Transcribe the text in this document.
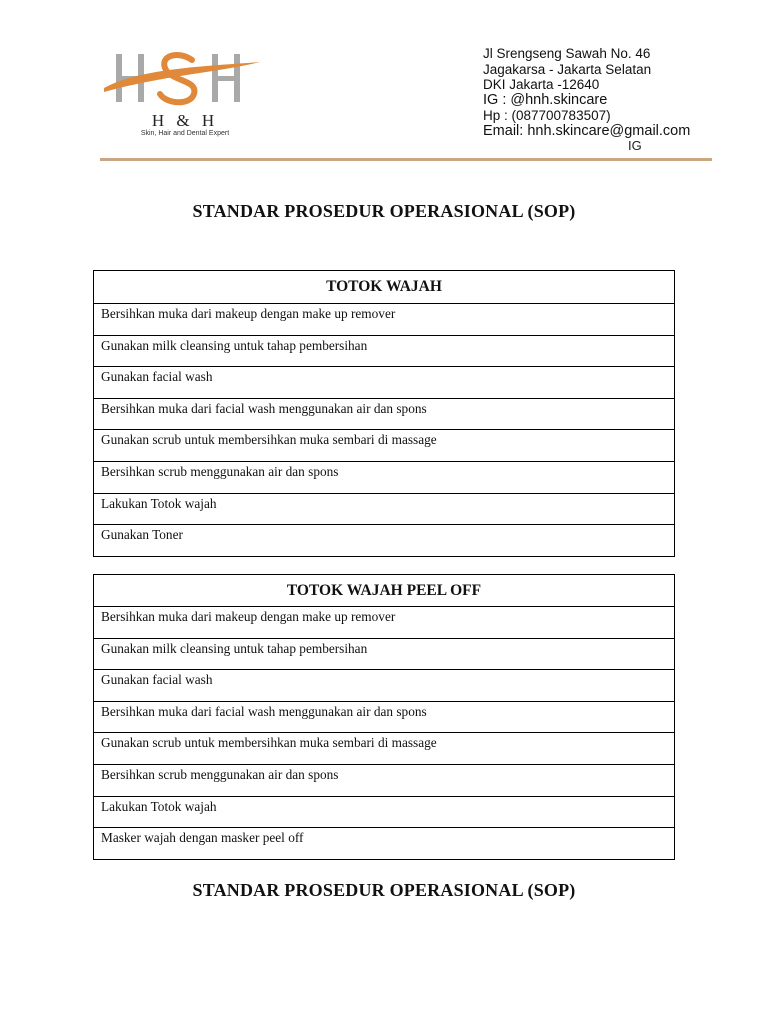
H & H
Skin, Hair and Dental Expert
Jl Srengseng Sawah No. 46
Jagakarsa - Jakarta Selatan
DKI Jakarta -12640
IG : @hnh.skincare
Hp : (087700783507)
Email: hnh.skincare@gmail.com
IG
STANDAR PROSEDUR OPERASIONAL (SOP)
TOTOK WAJAH
Bersihkan muka dari makeup dengan make up remover
Gunakan milk cleansing untuk tahap pembersihan
Gunakan facial wash
Bersihkan muka dari facial wash menggunakan air dan spons
Gunakan scrub untuk membersihkan muka sembari di massage
Bersihkan scrub menggunakan air dan spons
Lakukan Totok wajah
Gunakan Toner
TOTOK WAJAH PEEL OFF
Bersihkan muka dari makeup dengan make up remover
Gunakan milk cleansing untuk tahap pembersihan
Gunakan facial wash
Bersihkan muka dari facial wash menggunakan air dan spons
Gunakan scrub untuk membersihkan muka sembari di massage
Bersihkan scrub menggunakan air dan spons
Lakukan Totok wajah
Masker wajah dengan masker peel off
STANDAR PROSEDUR OPERASIONAL (SOP)
